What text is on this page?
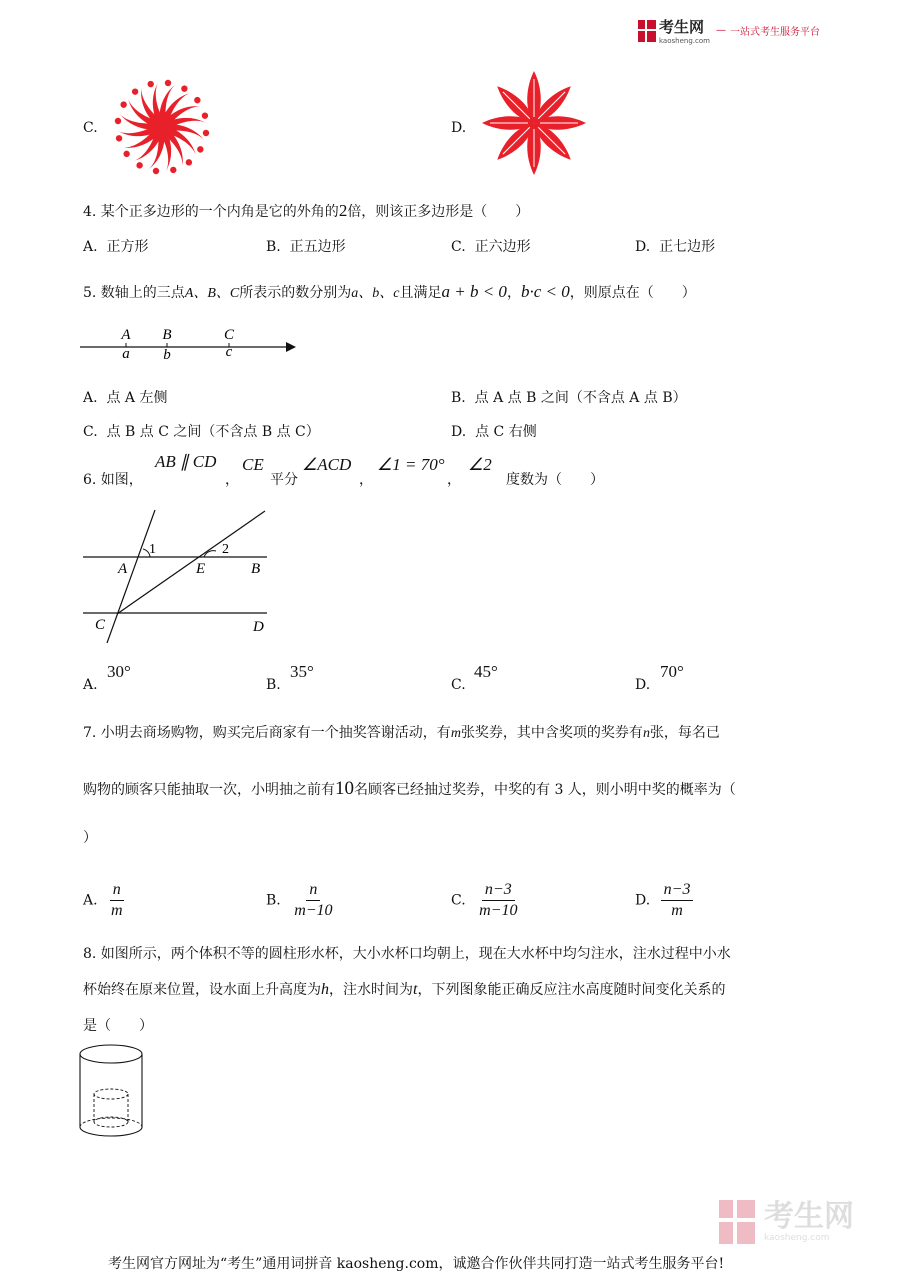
考生网
kaosheng.com
— 一站式考生服务平台
C.	D.
4. 某个正多边形的一个内角是它的外角的2倍，则该正多边形是（　　）
A. 正方形	B. 正五边形	C. 正六边形	D. 正七边形
5. 数轴上的三点A、B、C所表示的数分别为a、b、c且满足a + b < 0，b·c < 0，则原点在（　　）
A
a
B
b
C
c
A. 点 A 左侧	B. 点 A 点 B 之间（不含点 A 点 B）
C. 点 B 点 C 之间（不含点 B 点 C）	D. 点 C 右侧
6. 如图，
AB ∥ CD
，
CE
平分
∠ACD
，
∠1 = 70°
，
∠2
度数为（　　）
1	2
A	E	B
C	D
A.
30°
B.
35°
C.
45°
D.
70°
7. 小明去商场购物，购买完后商家有一个抽奖答谢活动，有m张奖券，其中含奖项的奖券有n张，每名已
购物的顾客只能抽取一次，小明抽之前有10名顾客已经抽过奖券，中奖的有 3 人，则小明中奖的概率为（
）
A. $\frac{n}{m}$	B. $\frac{n}{m-10}$	C. $\frac{n-3}{m-10}$	D. $\frac{n-3}{m}$
8. 如图所示，两个体积不等的圆柱形水杯，大小水杯口均朝上，现在大水杯中均匀注水，注水过程中小水
杯始终在原来位置，设水面上升高度为h，注水时间为t，下列图象能正确反应注水高度随时间变化关系的
是（　　）
考生网
kaosheng.com
考生网官方网址为“考生”通用词拼音 kaosheng.com，诚邀合作伙伴共同打造一站式考生服务平台!
